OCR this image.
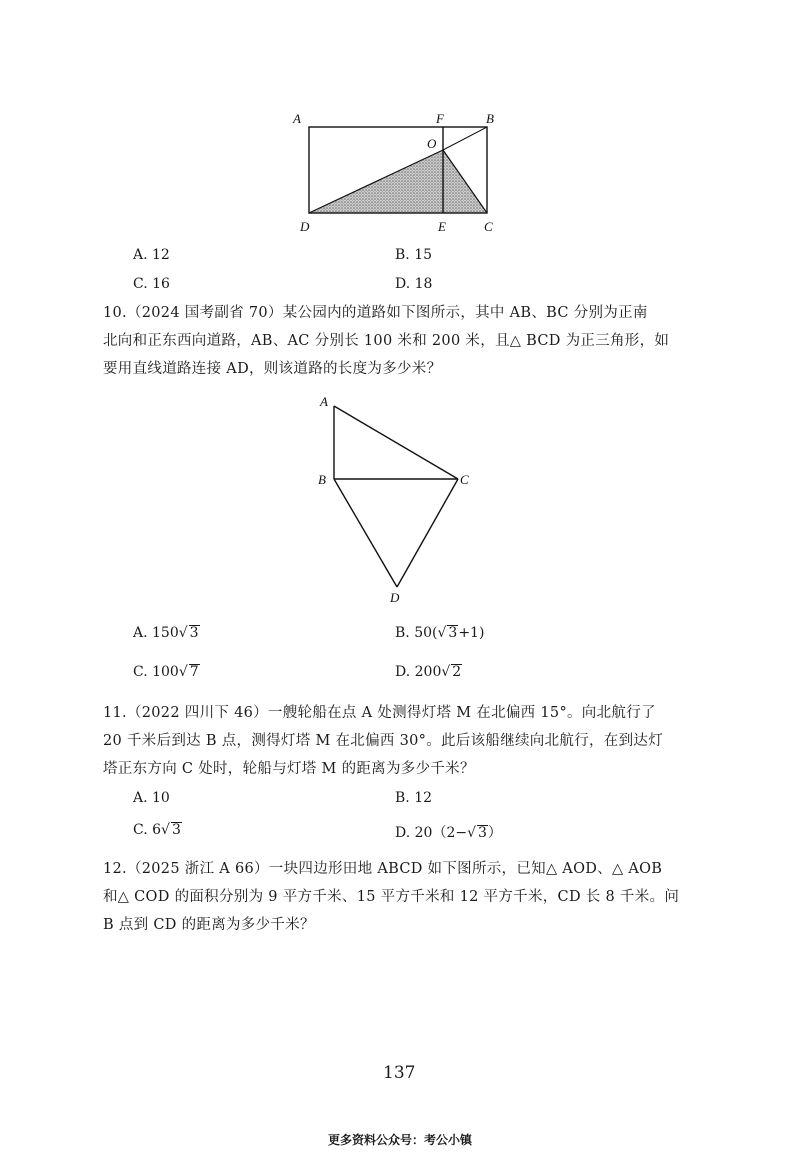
A	F	B
O
D	E	C
A. 12	B. 15
C. 16	D. 18
10.（2024 国考副省 70）某公园内的道路如下图所示，其中 AB、BC 分别为正南
北向和正东西向道路，AB、AC 分别长 100 米和 200 米，且△ BCD 为正三角形，如
要用直线道路连接 AD，则该道路的长度为多少米？
A
B	C
D
A. 150√ 3	B. 50(√ 3+1)
C. 100√ 7	D. 200√ 2
11.（2022 四川下 46）一艘轮船在点 A 处测得灯塔 M 在北偏西 15°。向北航行了
20 千米后到达 B 点，测得灯塔 M 在北偏西 30°。此后该船继续向北航行，在到达灯
塔正东方向 C 处时，轮船与灯塔 M 的距离为多少千米？
A. 10	B. 12
C. 6√ 3	D. 20（2−√ 3）
12.（2025 浙江 A 66）一块四边形田地 ABCD 如下图所示，已知△ AOD、△ AOB
和△ COD 的面积分别为 9 平方千米、15 平方千米和 12 平方千米，CD 长 8 千米。问
B 点到 CD 的距离为多少千米？
137
更多资料公众号：考公小镇
